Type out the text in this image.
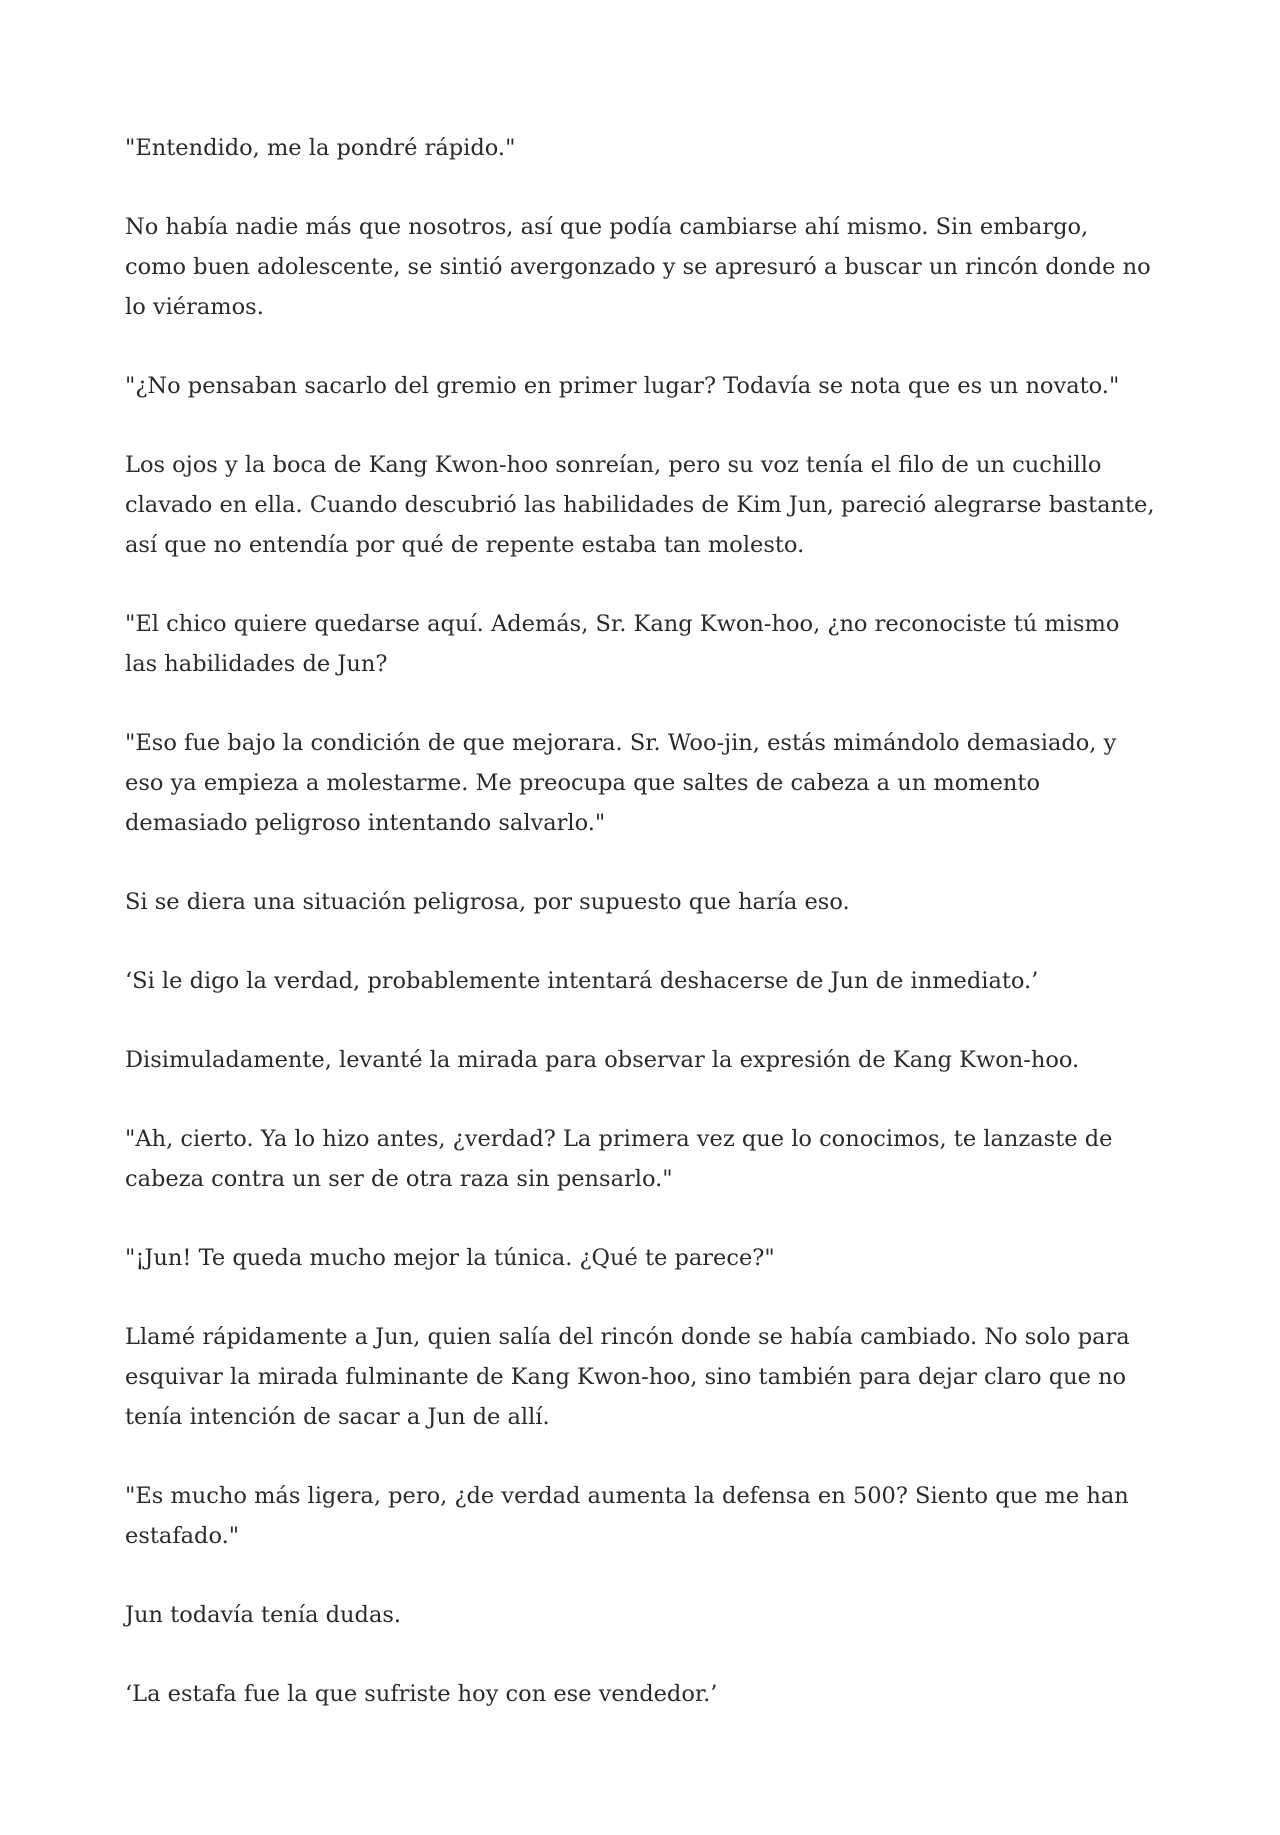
"Entendido, me la pondré rápido."

No había nadie más que nosotros, así que podía cambiarse ahí mismo. Sin embargo, como buen adolescente, se sintió avergonzado y se apresuró a buscar un rincón donde no lo viéramos.

"¿No pensaban sacarlo del gremio en primer lugar? Todavía se nota que es un novato."

Los ojos y la boca de Kang Kwon-hoo sonreían, pero su voz tenía el filo de un cuchillo clavado en ella. Cuando descubrió las habilidades de Kim Jun, pareció alegrarse bastante, así que no entendía por qué de repente estaba tan molesto.

"El chico quiere quedarse aquí. Además, Sr. Kang Kwon-hoo, ¿no reconociste tú mismo las habilidades de Jun?

"Eso fue bajo la condición de que mejorara. Sr. Woo-jin, estás mimándolo demasiado, y eso ya empieza a molestarme. Me preocupa que saltes de cabeza a un momento demasiado peligroso intentando salvarlo."

Si se diera una situación peligrosa, por supuesto que haría eso.

‘Si le digo la verdad, probablemente intentará deshacerse de Jun de inmediato.’

Disimuladamente, levanté la mirada para observar la expresión de Kang Kwon-hoo.

"Ah, cierto. Ya lo hizo antes, ¿verdad? La primera vez que lo conocimos, te lanzaste de cabeza contra un ser de otra raza sin pensarlo."

"¡Jun! Te queda mucho mejor la túnica. ¿Qué te parece?"

Llamé rápidamente a Jun, quien salía del rincón donde se había cambiado. No solo para esquivar la mirada fulminante de Kang Kwon-hoo, sino también para dejar claro que no tenía intención de sacar a Jun de allí.

"Es mucho más ligera, pero, ¿de verdad aumenta la defensa en 500? Siento que me han estafado."

Jun todavía tenía dudas.

‘La estafa fue la que sufriste hoy con ese vendedor.’
